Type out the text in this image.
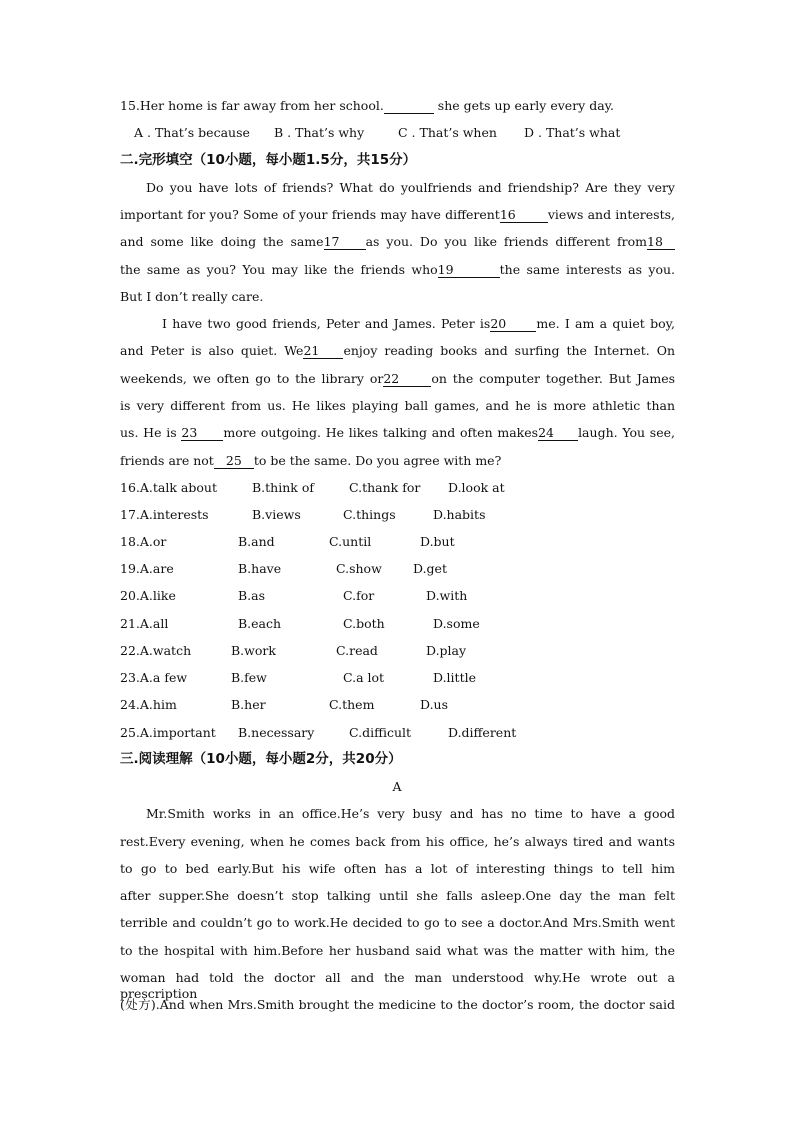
15.Her home is far away from her school.	she gets up early every day.
A . That’s because B . That’s why	C . That’s when D . That’s what
二.完形填空（10小题，每小题1.5分，共15分）
Do you have lots of friends? What do youlfriends and friendship? Are they very
important for you? Some of your friends may have different16	views and interests,
and some like doing the same17 as you. Do you like friends different from18
the same as you? You may like the friends who19	the same interests as you.
But I don’t really care.
I have two good friends, Peter and James. Peter is20 me. I am a quiet boy,
and Peter is also quiet. We21 enjoy reading books and surfing the Internet. On
weekends, we often go to the library or22	on the computer together. But James
is very different from us. He likes playing ball games, and he is more athletic than
us. He is 23 more outgoing. He likes talking and often makes24 laugh. You see,
friends are not 25 to be the same. Do you agree with me?
16.A.talk about	B.think of	C.thank for D.look at
17.A.interests	B.views	C.things	D.habits
18.A.or	B.and	C.until	D.but
19.A.are	B.have	C.show D.get
20.A.like	B.as	C.for	D.with
21.A.all	B.each	C.both	D.some
22.A.watch	B.work	C.read	D.play
23.A.a few	B.few	C.a lot	D.little
24.A.him	B.her	C.them	D.us
25.A.important B.necessary	C.difficult	D.different
三.阅读理解（10小题，每小题2分，共20分）
A
Mr.Smith works in an office.He’s very busy and has no time to have a good
rest.Every evening, when he comes back from his office, he’s always tired and wants
to go to bed early.But his wife often has a lot of interesting things to tell him
after supper.She doesn’t stop talking until she falls asleep.One day the man felt
terrible and couldn’t go to work.He decided to go to see a doctor.And Mrs.Smith went
to the hospital with him.Before her husband said what was the matter with him, the
woman had told the doctor all and the man understood why.He wrote out a prescription
(处方).And when Mrs.Smith brought the medicine to the doctor’s room, the doctor said
